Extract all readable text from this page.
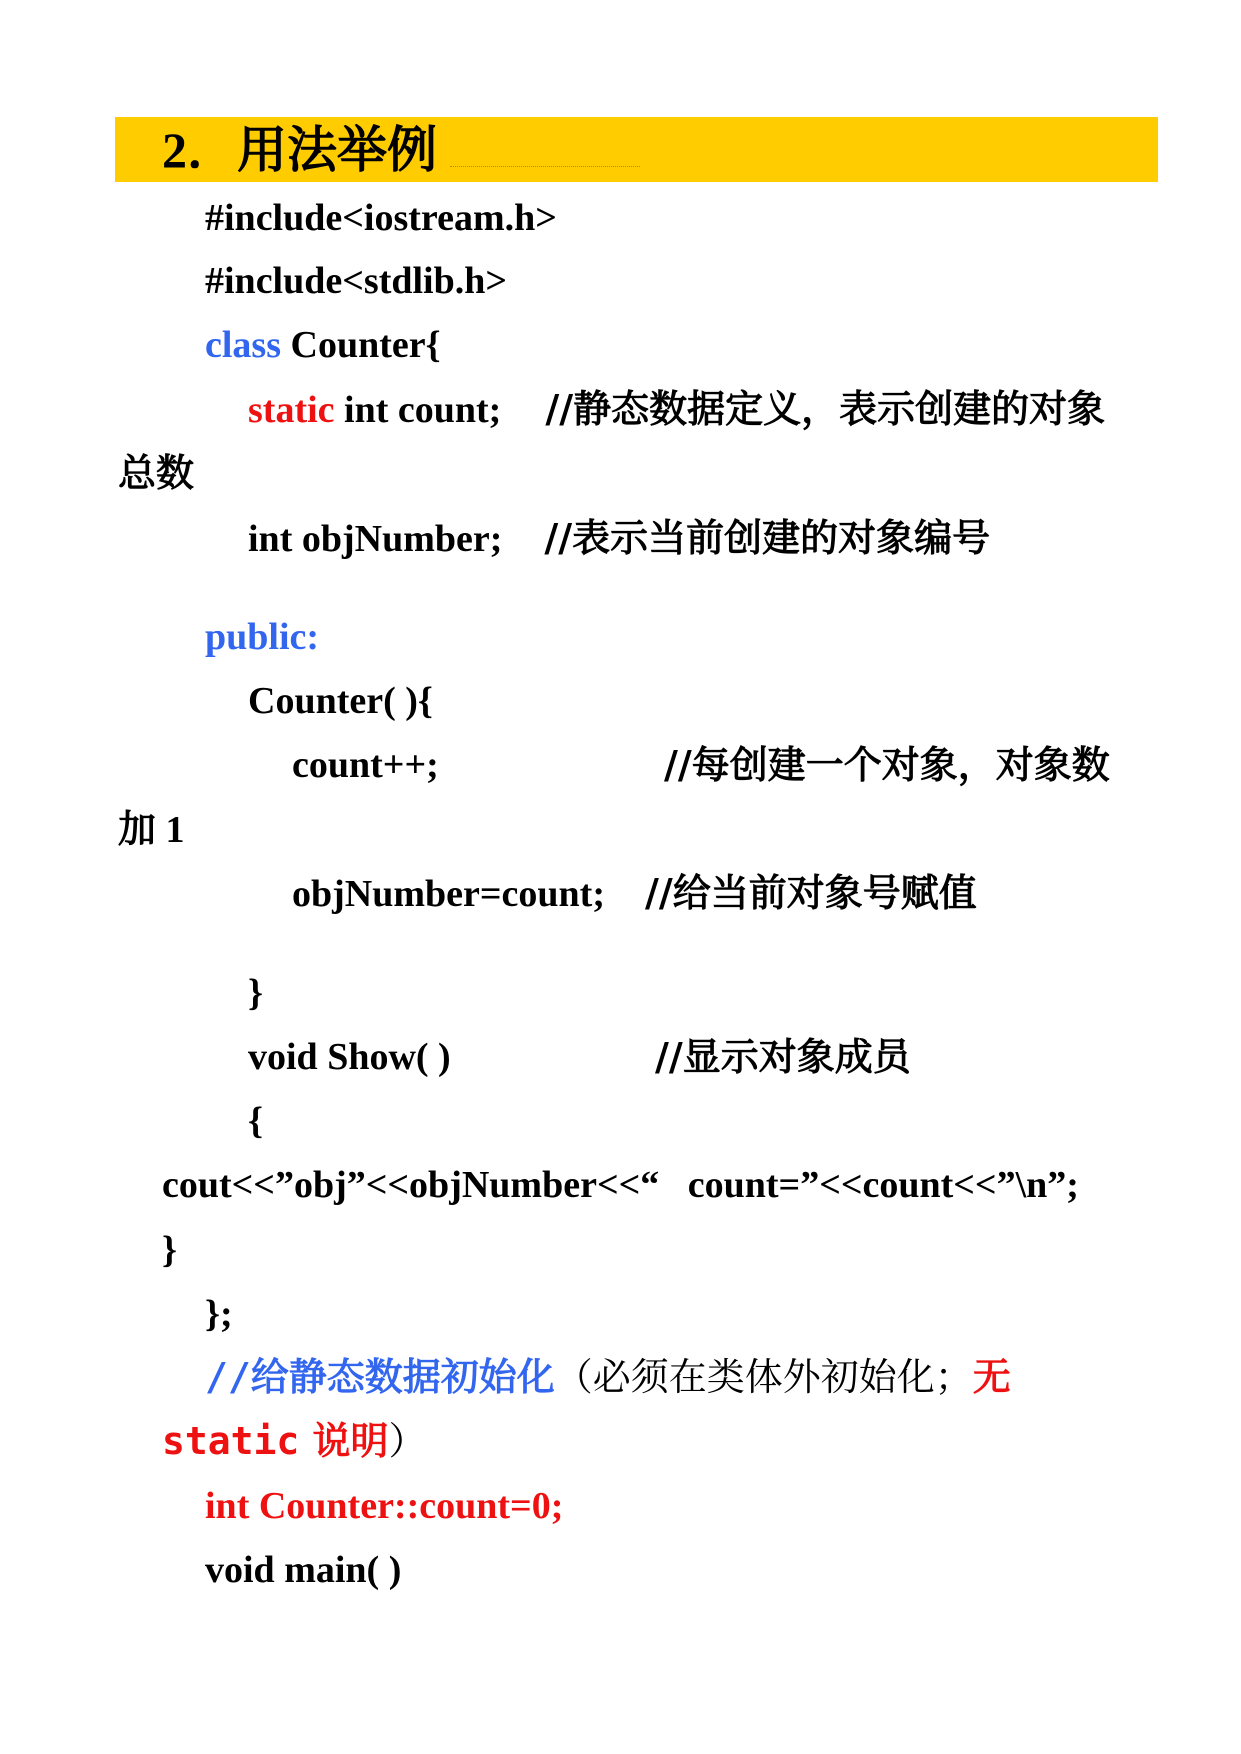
2．用法举例
#include<iostream.h>
#include<stdlib.h>
class Counter{
static int count; //静态数据定义，表示创建的对象
总数
int objNumber; //表示当前创建的对象编号
public:
Counter( ){
count++;	//每创建一个对象，对象数
加 1
objNumber=count; //给当前对象号赋值
}
void Show( )	//显示对象成员
{
cout<<”obj”<<objNumber<<“   count=”<<count<<”\n”;
}
};
//给静态数据初始化（必须在类体外初始化；无
static 说明）
int Counter::count=0;
void main( )
